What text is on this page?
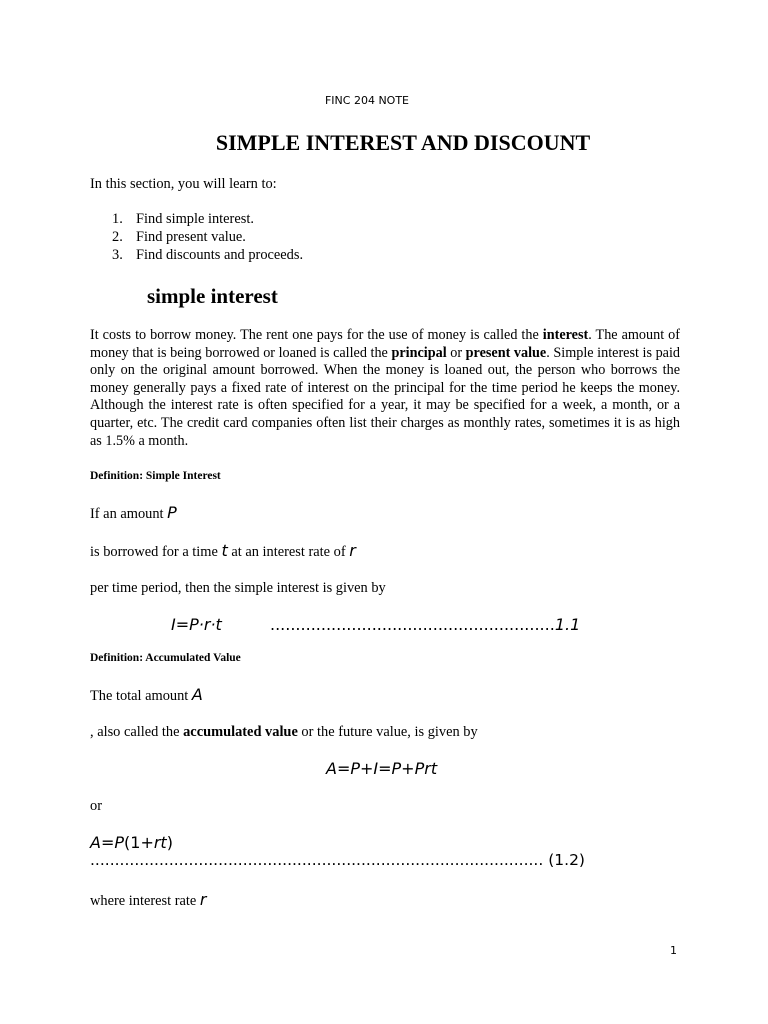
FINC 204 NOTE
SIMPLE INTEREST AND DISCOUNT
In this section, you will learn to:
1. Find simple interest.
2. Find present value.
3. Find discounts and proceeds.
simple interest
It costs to borrow money. The rent one pays for the use of money is called the interest. The amount of money that is being borrowed or loaned is called the principal or present value. Simple interest is paid only on the original amount borrowed. When the money is loaned out, the person who borrows the money generally pays a fixed rate of interest on the principal for the time period he keeps the money. Although the interest rate is often specified for a year, it may be specified for a week, a month, or a quarter, etc. The credit card companies often list their charges as monthly rates, sometimes it is as high as 1.5% a month.
Definition: Simple Interest
If an amount P
is borrowed for a time t at an interest rate of r
per time period, then the simple interest is given by
I=P·r·t	........................................................1.1
Definition: Accumulated Value
The total amount A
, also called the accumulated value or the future value, is given by
A=P+I=P+Prt
or
A=P(1+rt)
............................................................................................ (1.2)
where interest rate r
1
